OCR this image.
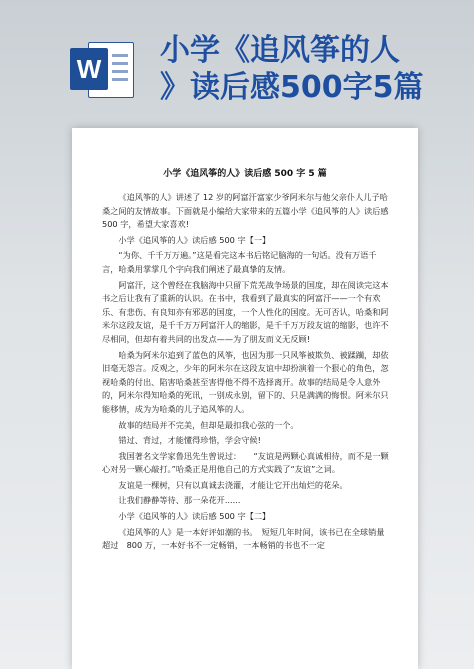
W
小学《追风筝的人
》读后感500字5篇
小学《追风筝的人》读后感 500 字 5 篇

《追风筝的人》讲述了 12 岁的阿富汗富家少爷阿米尔与他父亲仆人儿子哈桑之间的友情故事。下面就是小编给大家带来的五篇小学《追风筝的人》读后感 500 字，希望大家喜欢!

小学《追风筝的人》读后感 500 字【一】

“为你、千千万万遍。”这是看完这本书后铭记脑海的一句话。没有万语千言，哈桑用掌掌几个字向我们阐述了最真挚的友情。

阿富汗，这个曾经在我脑海中只留下荒芜战争场景的国度，却在阅读完这本书之后让我有了重新的认识。在书中，我看到了最真实的阿富汗——一个有欢乐、有悲伤、有良知亦有邪恶的国度，一个人性化的国度。无可否认，哈桑和阿米尔这段友谊，是千千万万阿富汗人的缩影，是千千万万段友谊的缩影，也许不尽相同，但却有着共同的出发点——为了朋友而义无反顾!

哈桑为阿米尔追到了蓝色的风筝，也因为那一只风筝被欺负、被蹂躏，却依旧毫无怨言。反观之，少年的阿米尔在这段友谊中却扮演着一个狠心的角色，忽视哈桑的付出、陷害哈桑甚至害得他不得不选择离开。故事的结局是令人意外的，阿米尔得知哈桑的死讯，一别成永别，留下的、只是满满的悔恨。阿米尔只能移情，成为为哈桑的儿子追风筝的人。

故事的结局并不完美，但却是最扣我心弦的一个。

错过、背过，才能懂得珍惜，学会守候!

我国著名文学家鲁迅先生曾说过：　　“友谊是两颗心真诚相待，而不是一颗心对另一颗心敲打。”哈桑正是用他自己的方式实践了“友谊”之词。

友谊是一棵树，只有以真诚去浇灌，才能让它开出灿烂的花朵。

让我们静静等待、那一朵花开......

小学《追风筝的人》读后感 500 字【二】

《追风筝的人》是一本好评如潮的书。　短短几年时间，该书已在全球销量超过　800 万，一本好书不一定畅销，一本畅销的书也不一定
